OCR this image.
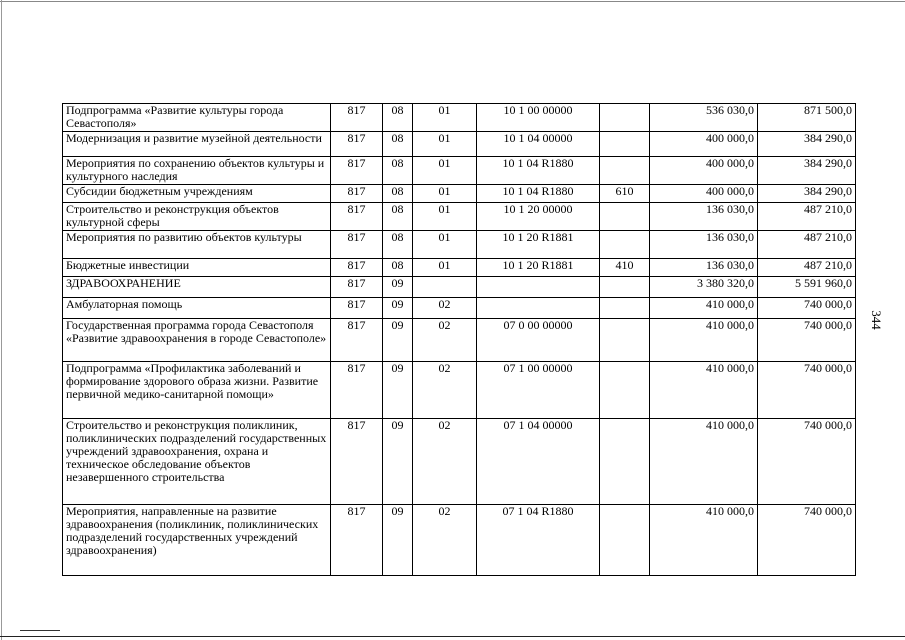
Подпрограмма «Развитие культуры города Севастополя»	817	08	01	10 1 00 00000		536 030,0	871 500,0
Модернизация и развитие музейной деятельности	817	08	01	10 1 04 00000		400 000,0	384 290,0
Мероприятия по сохранению объектов культуры и культурного наследия	817	08	01	10 1 04 R1880		400 000,0	384 290,0
Субсидии бюджетным учреждениям	817	08	01	10 1 04 R1880	610	400 000,0	384 290,0
Строительство и реконструкция объектов культурной сферы	817	08	01	10 1 20 00000		136 030,0	487 210,0
Мероприятия по развитию объектов культуры	817	08	01	10 1 20 R1881		136 030,0	487 210,0
Бюджетные инвестиции	817	08	01	10 1 20 R1881	410	136 030,0	487 210,0
ЗДРАВООХРАНЕНИЕ	817	09				3 380 320,0	5 591 960,0
Амбулаторная помощь	817	09	02			410 000,0	740 000,0
Государственная программа города Севастополя «Развитие здравоохранения в городе Севастополе»	817	09	02	07 0 00 00000		410 000,0	740 000,0
Подпрограмма «Профилактика заболеваний и формирование здорового образа жизни. Развитие первичной медико-санитарной помощи»	817	09	02	07 1 00 00000		410 000,0	740 000,0
Строительство и реконструкция поликлиник, поликлинических подразделений государственных учреждений здравоохранения, охрана и техническое обследование объектов незавершенного строительства	817	09	02	07 1 04 00000		410 000,0	740 000,0
Мероприятия, направленные на развитие здравоохранения (поликлиник, поликлинических подразделений государственных учреждений здравоохранения)	817	09	02	07 1 04 R1880		410 000,0	740 000,0
344
